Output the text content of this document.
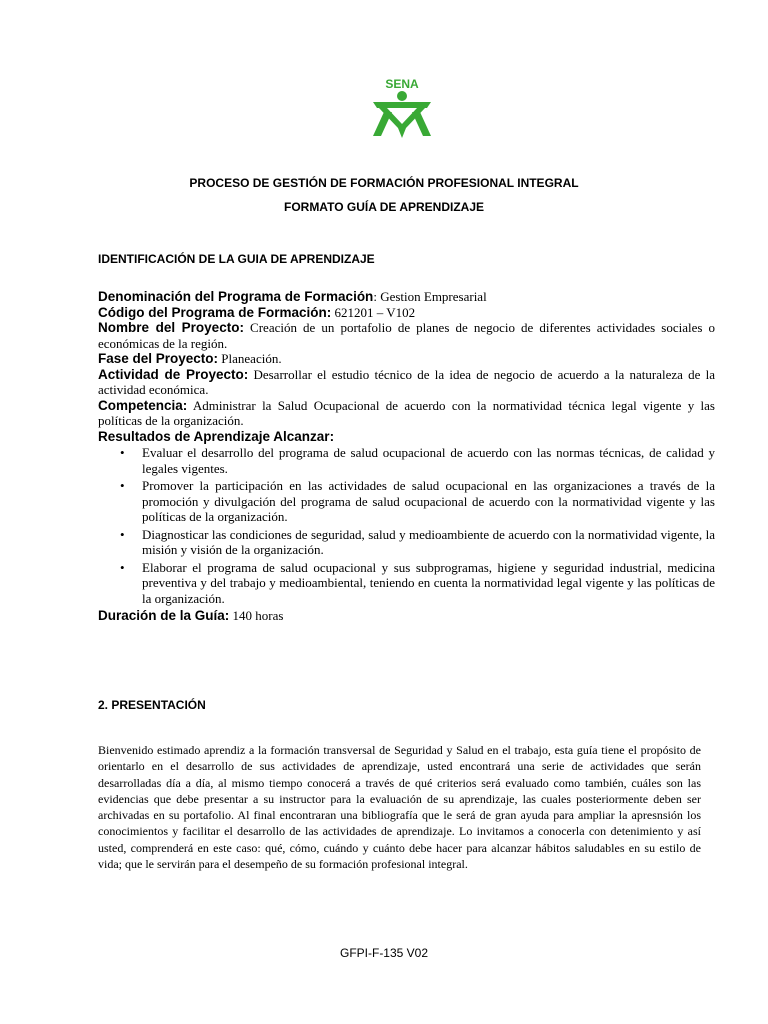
SENA
PROCESO DE GESTIÓN DE FORMACIÓN PROFESIONAL INTEGRAL
FORMATO GUÍA DE APRENDIZAJE
IDENTIFICACIÓN DE LA GUIA DE APRENDIZAJE

Denominación del Programa de Formación: Gestion Empresarial

Código del Programa de Formación: 621201 – V102

Nombre del Proyecto: Creación de un portafolio de planes de negocio de diferentes actividades sociales o económicas de la región.

Fase del Proyecto: Planeación.

Actividad de Proyecto: Desarrollar el estudio técnico de la idea de negocio de acuerdo a la naturaleza de la actividad económica.

Competencia: Administrar la Salud Ocupacional de acuerdo con la normatividad técnica legal vigente y las políticas de la organización.

Resultados de Aprendizaje Alcanzar:

• Evaluar el desarrollo del programa de salud ocupacional de acuerdo con las normas técnicas, de calidad y legales vigentes.
• Promover la participación en las actividades de salud ocupacional en las organizaciones a través de la promoción y divulgación del programa de salud ocupacional de acuerdo con la normatividad vigente y las políticas de la organización.
• Diagnosticar las condiciones de seguridad, salud y medioambiente de acuerdo con la normatividad vigente, la misión y visión de la organización.
• Elaborar el programa de salud ocupacional y sus subprogramas, higiene y seguridad industrial, medicina preventiva y del trabajo y medioambiental, teniendo en cuenta la normatividad legal vigente y las políticas de la organización.

Duración de la Guía: 140 horas

2. PRESENTACIÓN

Bienvenido estimado aprendiz a la formación transversal de Seguridad y Salud en el trabajo, esta guía tiene el propósito de orientarlo en el desarrollo de sus actividades de aprendizaje, usted encontrará una serie de actividades que serán desarrolladas día a día, al mismo tiempo conocerá a través de qué criterios será evaluado como también, cuáles son las evidencias que debe presentar a su instructor para la evaluación de su aprendizaje, las cuales posteriormente deben ser archivadas en su portafolio. Al final encontraran una bibliografía que le será de gran ayuda para ampliar la apresnsión los conocimientos y facilitar el desarrollo de las actividades de aprendizaje. Lo invitamos a conocerla con detenimiento y así usted, comprenderá en este caso: qué, cómo, cuándo y cuánto debe hacer para alcanzar hábitos saludables en su estilo de vida; que le servirán para el desempeño de su formación profesional integral.

GFPI-F-135 V02
